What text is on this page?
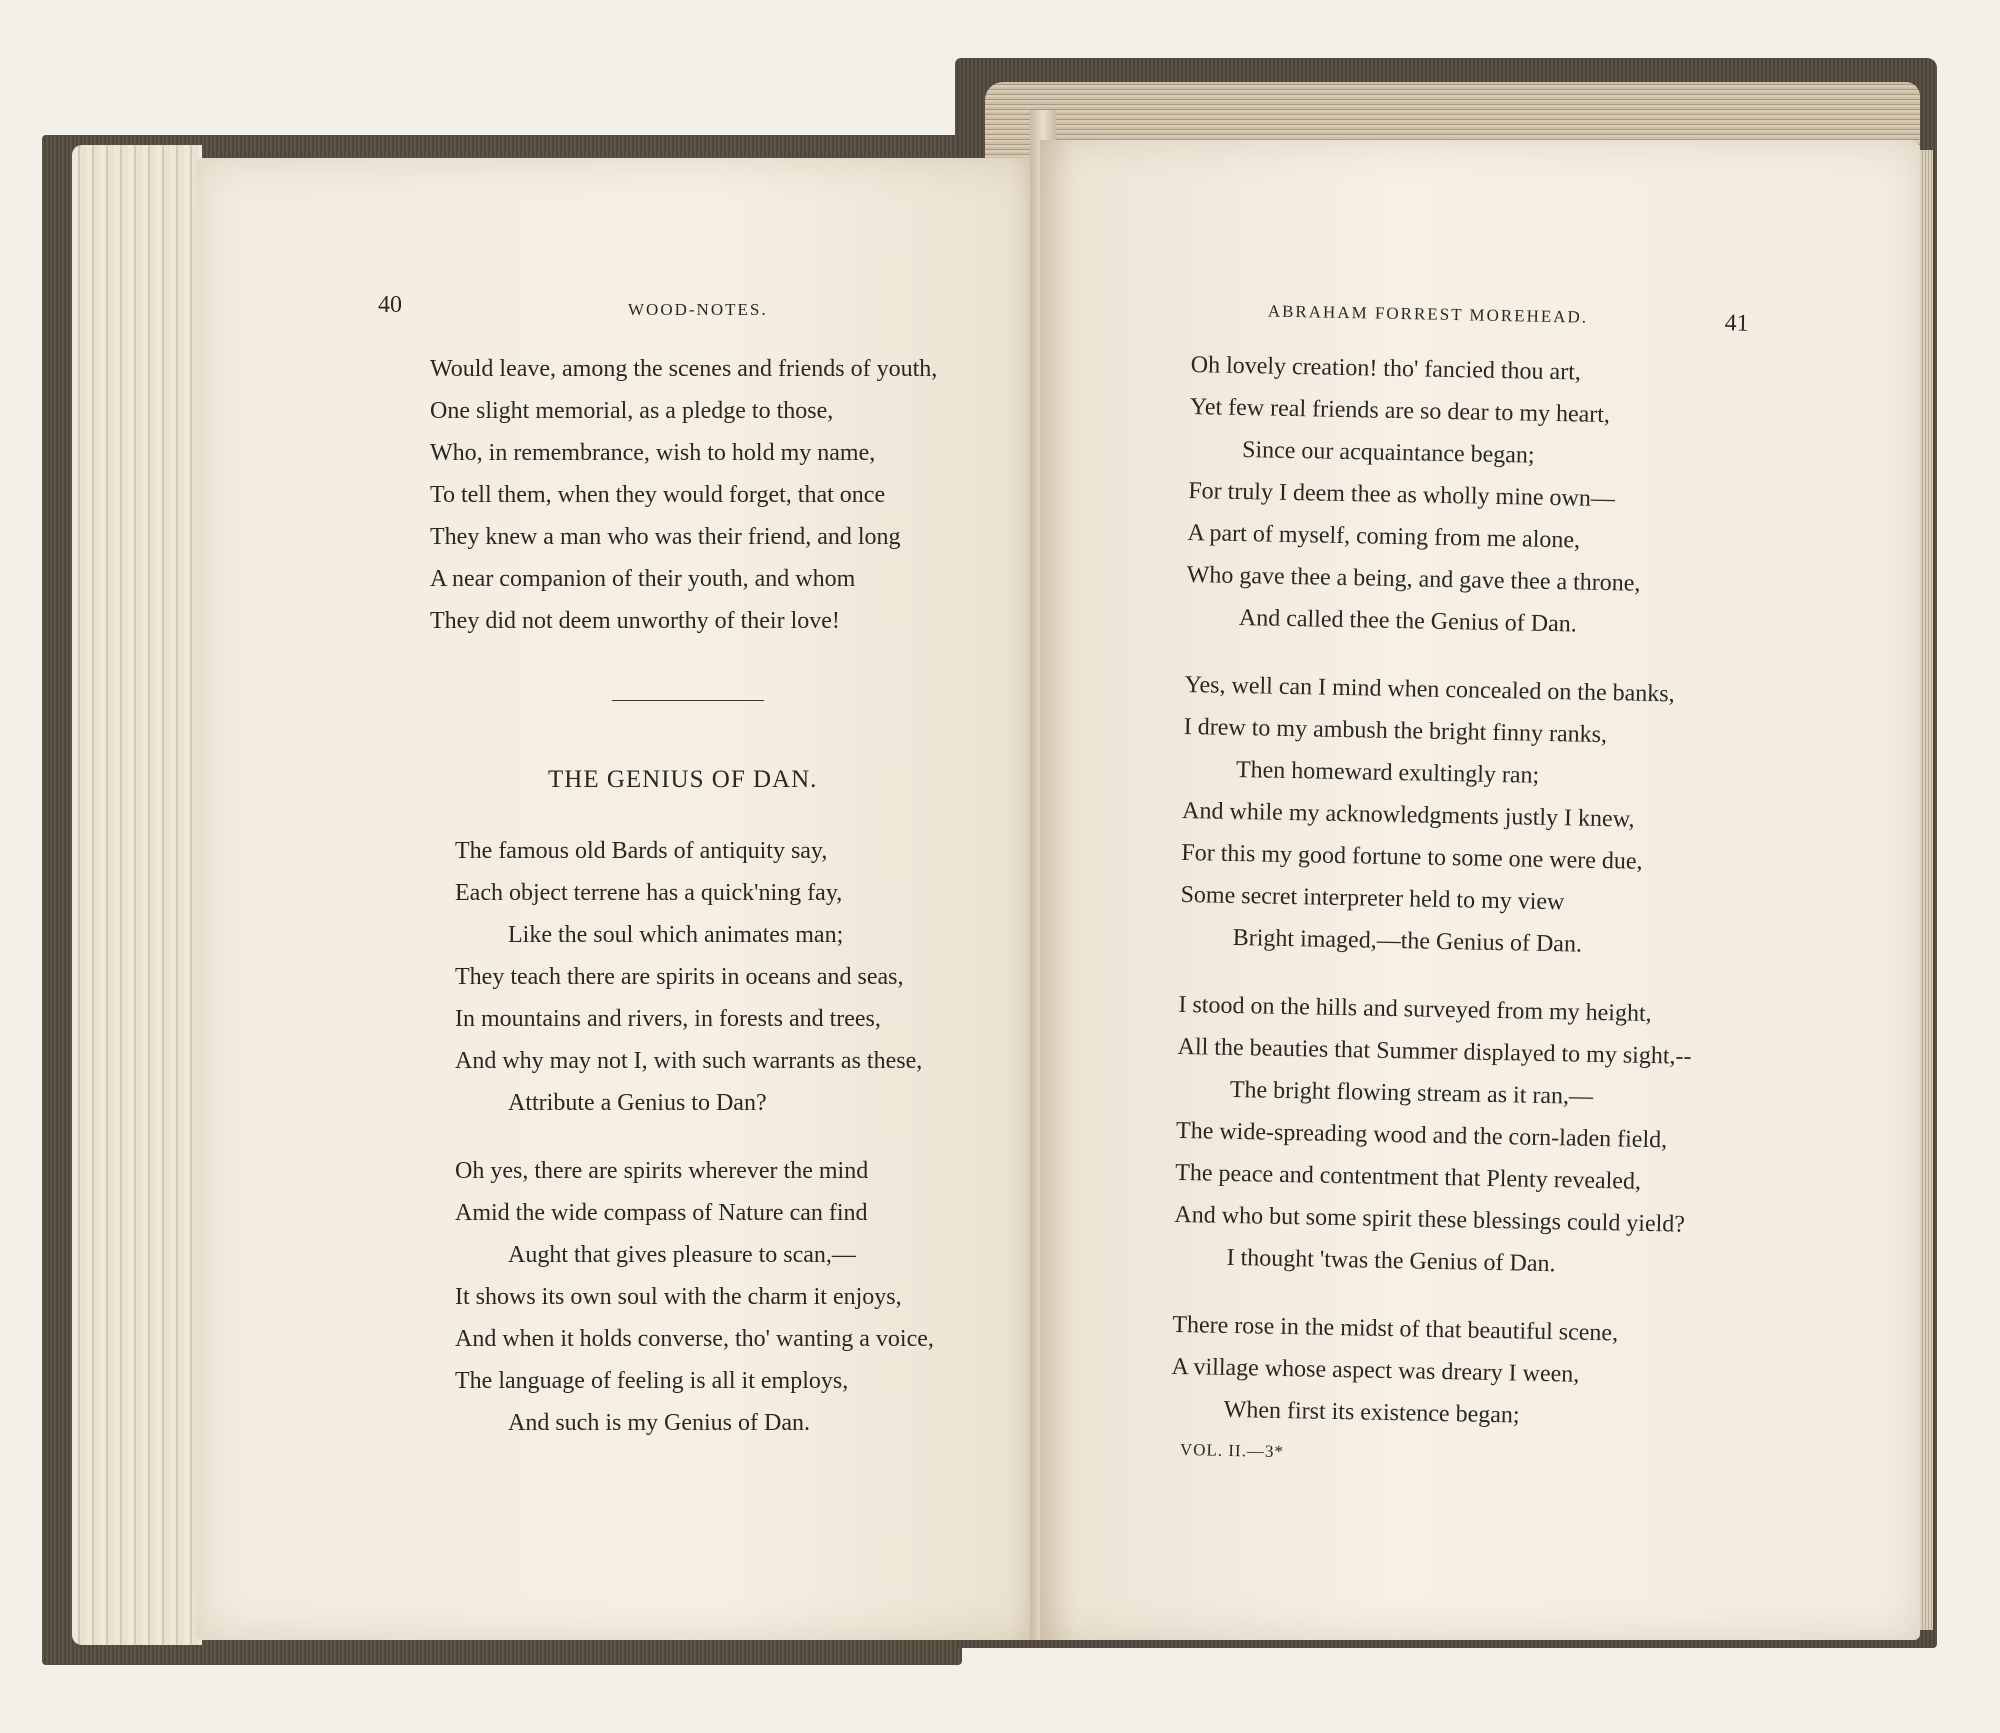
40	WOOD-NOTES.
Would leave, among the scenes and friends of youth,
One slight memorial, as a pledge to those,
Who, in remembrance, wish to hold my name,
To tell them, when they would forget, that once
They knew a man who was their friend, and long
A near companion of their youth, and whom
They did not deem unworthy of their love!
THE GENIUS OF DAN.
The famous old Bards of antiquity say,
Each object terrene has a quick'ning fay,
Like the soul which animates man;
They teach there are spirits in oceans and seas,
In mountains and rivers, in forests and trees,
And why may not I, with such warrants as these,
Attribute a Genius to Dan?
Oh yes, there are spirits wherever the mind
Amid the wide compass of Nature can find
Aught that gives pleasure to scan,—
It shows its own soul with the charm it enjoys,
And when it holds converse, tho' wanting a voice,
The language of feeling is all it employs,
And such is my Genius of Dan.
ABRAHAM FORREST MOREHEAD.	41
Oh lovely creation! tho' fancied thou art,
Yet few real friends are so dear to my heart,
Since our acquaintance began;
For truly I deem thee as wholly mine own—
A part of myself, coming from me alone,
Who gave thee a being, and gave thee a throne,
And called thee the Genius of Dan.
Yes, well can I mind when concealed on the banks,
I drew to my ambush the bright finny ranks,
Then homeward exultingly ran;
And while my acknowledgments justly I knew,
For this my good fortune to some one were due,
Some secret interpreter held to my view
Bright imaged,—the Genius of Dan.
I stood on the hills and surveyed from my height,
All the beauties that Summer displayed to my sight,--
The bright flowing stream as it ran,—
The wide-spreading wood and the corn-laden field,
The peace and contentment that Plenty revealed,
And who but some spirit these blessings could yield?
I thought 'twas the Genius of Dan.
There rose in the midst of that beautiful scene,
A village whose aspect was dreary I ween,
When first its existence began;
VOL. II.—3*
